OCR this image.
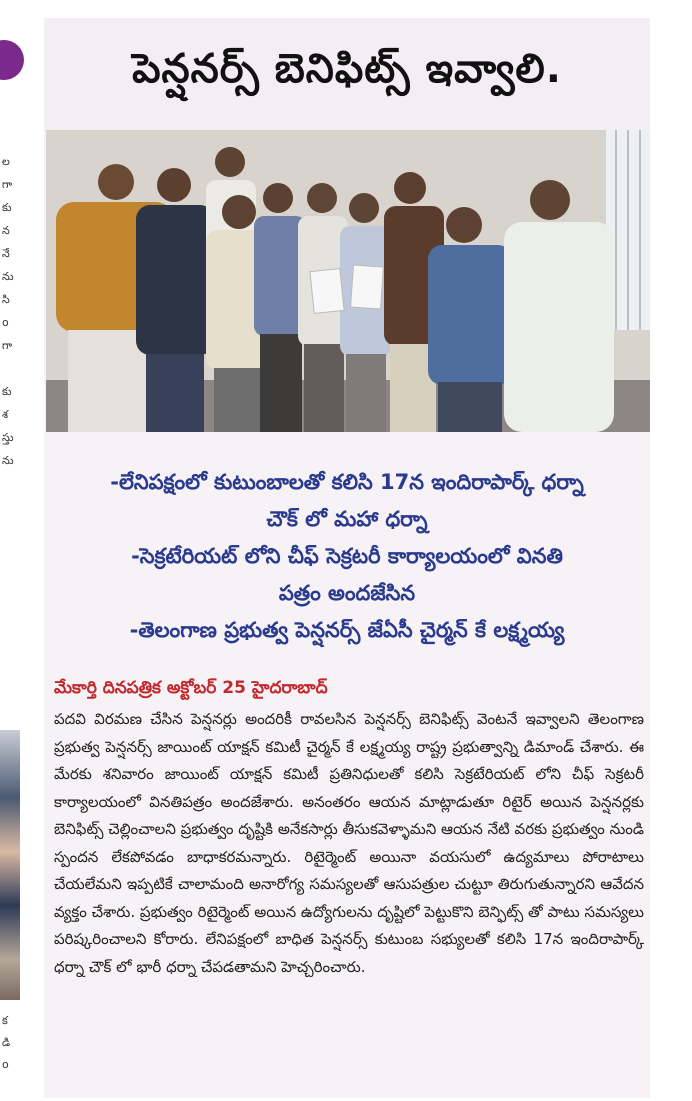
ల
గా
కు
న
నే
ను
సి
o
గా
కు
శ
స్తు
ను
క
డి
o
పెన్షనర్స్ బెనిఫిట్స్ ఇవ్వాలి.
-లేనిపక్షంలో కుటుంబాలతో కలిసి 17న ఇందిరాపార్క్ ధర్నా
చౌక్ లో మహా ధర్నా
-సెక్రటేరియట్ లోని చీఫ్ సెక్రటరీ కార్యాలయంలో వినతి
పత్రం అందజేసిన
-తెలంగాణ ప్రభుత్వ పెన్షనర్స్ జేఏసీ చైర్మన్ కే లక్ష్మయ్య
మేకార్తి దినపత్రిక అక్టోబర్ 25 హైదరాబాద్
పదవి విరమణ చేసిన పెన్షనర్లు అందరికీ రావలసిన పెన్షనర్స్ బెనిఫిట్స్ వెంటనే ఇవ్వాలని తెలంగాణ ప్రభుత్వ పెన్షనర్స్ జాయింట్ యాక్షన్ కమిటీ చైర్మన్ కే లక్ష్మయ్య రాష్ట్ర ప్రభుత్వాన్ని డిమాండ్ చేశారు. ఈ మేరకు శనివారం జాయింట్ యాక్షన్ కమిటీ ప్రతినిధులతో కలిసి సెక్రటేరియట్ లోని చీఫ్ సెక్రటరీ కార్యాలయంలో వినతిపత్రం అందజేశారు. అనంతరం ఆయన మాట్లాడుతూ రిటైర్ అయిన పెన్షనర్లకు బెనిఫిట్స్ చెల్లించాలని ప్రభుత్వం దృష్టికి అనేకసార్లు తీసుకవెళ్ళామని ఆయన నేటి వరకు ప్రభుత్వం నుండి స్పందన లేకపోవడం బాధాకరమన్నారు. రిటైర్మెంట్ అయినా వయసులో ఉద్యమాలు పోరాటాలు చేయలేమని ఇప్పటికే చాలామంది అనారోగ్య సమస్యలతో ఆసుపత్రుల చుట్టూ తిరుగుతున్నారని ఆవేదన వ్యక్తం చేశారు. ప్రభుత్వం రిటైర్మెంట్ అయిన ఉద్యోగులను దృష్టిలో పెట్టుకొని బెన్ఫిట్స్ తో పాటు సమస్యలు పరిష్కరించాలని కోరారు. లేనిపక్షంలో బాధిత పెన్షనర్స్ కుటుంబ సభ్యులతో కలిసి 17న ఇందిరాపార్క్ ధర్నా చౌక్ లో భారీ ధర్నా చేపడతామని హెచ్చరించారు.
